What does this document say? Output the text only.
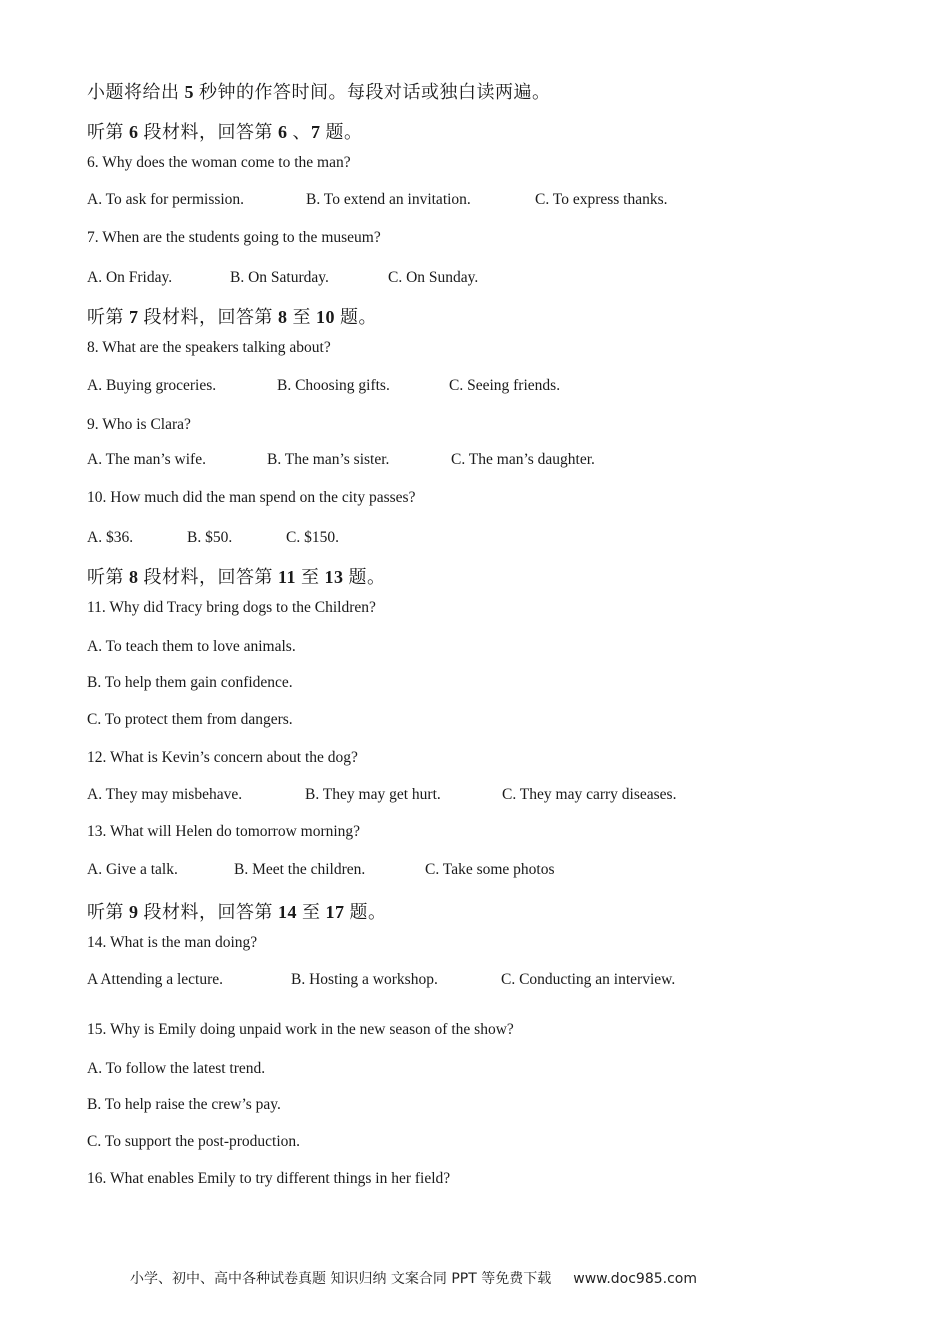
小题将给出 5 秒钟的作答时间。每段对话或独白读两遍。
听第 6 段材料，回答第 6 、7 题。
6. Why does the woman come to the man?
A. To ask for permission.	B. To extend an invitation.	C. To express thanks.
7. When are the students going to the museum?
A. On Friday.	B. On Saturday.	C. On Sunday.
听第 7 段材料，回答第 8 至 10 题。
8. What are the speakers talking about?
A. Buying groceries.	B. Choosing gifts.	C. Seeing friends.
9. Who is Clara?
A. The man’s wife.	B. The man’s sister.	C. The man’s daughter.
10. How much did the man spend on the city passes?
A. $36.	B. $50.	C. $150.
听第 8 段材料，回答第 11 至 13 题。
11. Why did Tracy bring dogs to the Children?
A. To teach them to love animals.
B. To help them gain confidence.
C. To protect them from dangers.
12. What is Kevin’s concern about the dog?
A. They may misbehave.	B. They may get hurt.	C. They may carry diseases.
13. What will Helen do tomorrow morning?
A. Give a talk.	B. Meet the children.	C. Take some photos
听第 9 段材料，回答第 14 至 17 题。
14. What is the man doing?
A Attending a lecture.	B. Hosting a workshop.	C. Conducting an interview.
15. Why is Emily doing unpaid work in the new season of the show?
A. To follow the latest trend.
B. To help raise the crew’s pay.
C. To support the post-production.
16. What enables Emily to try different things in her field?
小学、初中、高中各种试卷真题 知识归纳 文案合同 PPT 等免费下载 www.doc985.com
